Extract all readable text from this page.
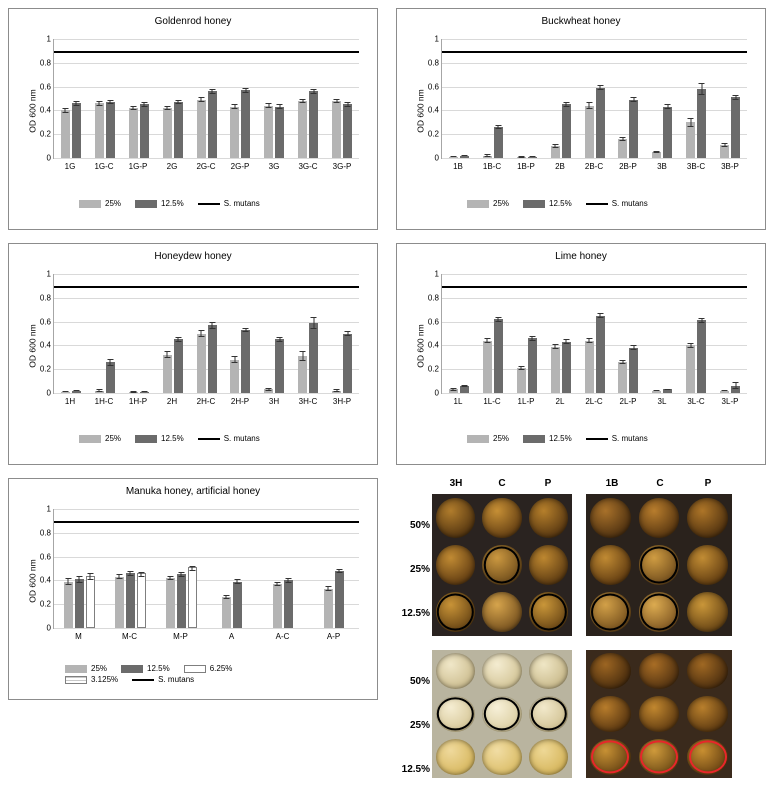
Goldenrod honey
OD 600 nm
0
0.2
0.4
0.6
0.8
1
1G	1G-C	1G-P	2G	2G-C	2G-P	3G	3G-C	3G-P
25%	12.5%	S. mutans
Buckwheat honey
OD 600 nm
0
0.2
0.4
0.6
0.8
1
1B	1B-C	1B-P	2B	2B-C	2B-P	3B	3B-C	3B-P
25%	12.5%	S. mutans
Honeydew honey
OD 600 nm
0
0.2
0.4
0.6
0.8
1
1H	1H-C	1H-P	2H	2H-C	2H-P	3H	3H-C	3H-P
25%	12.5%	S. mutans
Lime honey
OD 600 nm
0
0.2
0.4
0.6
0.8
1
1L	1L-C	1L-P	2L	2L-C	2L-P	3L	3L-C	3L-P
25%	12.5%	S. mutans
Manuka honey, artificial honey
OD 600 nm
0
0.2
0.4
0.6
0.8
1
M	M-C	M-P	A	A-C	A-P
25%	12.5%	6.25%
3.125%	S. mutans
3H	C	P	1B	C	P
50%
25%
12.5%
50%
25%
12.5%
